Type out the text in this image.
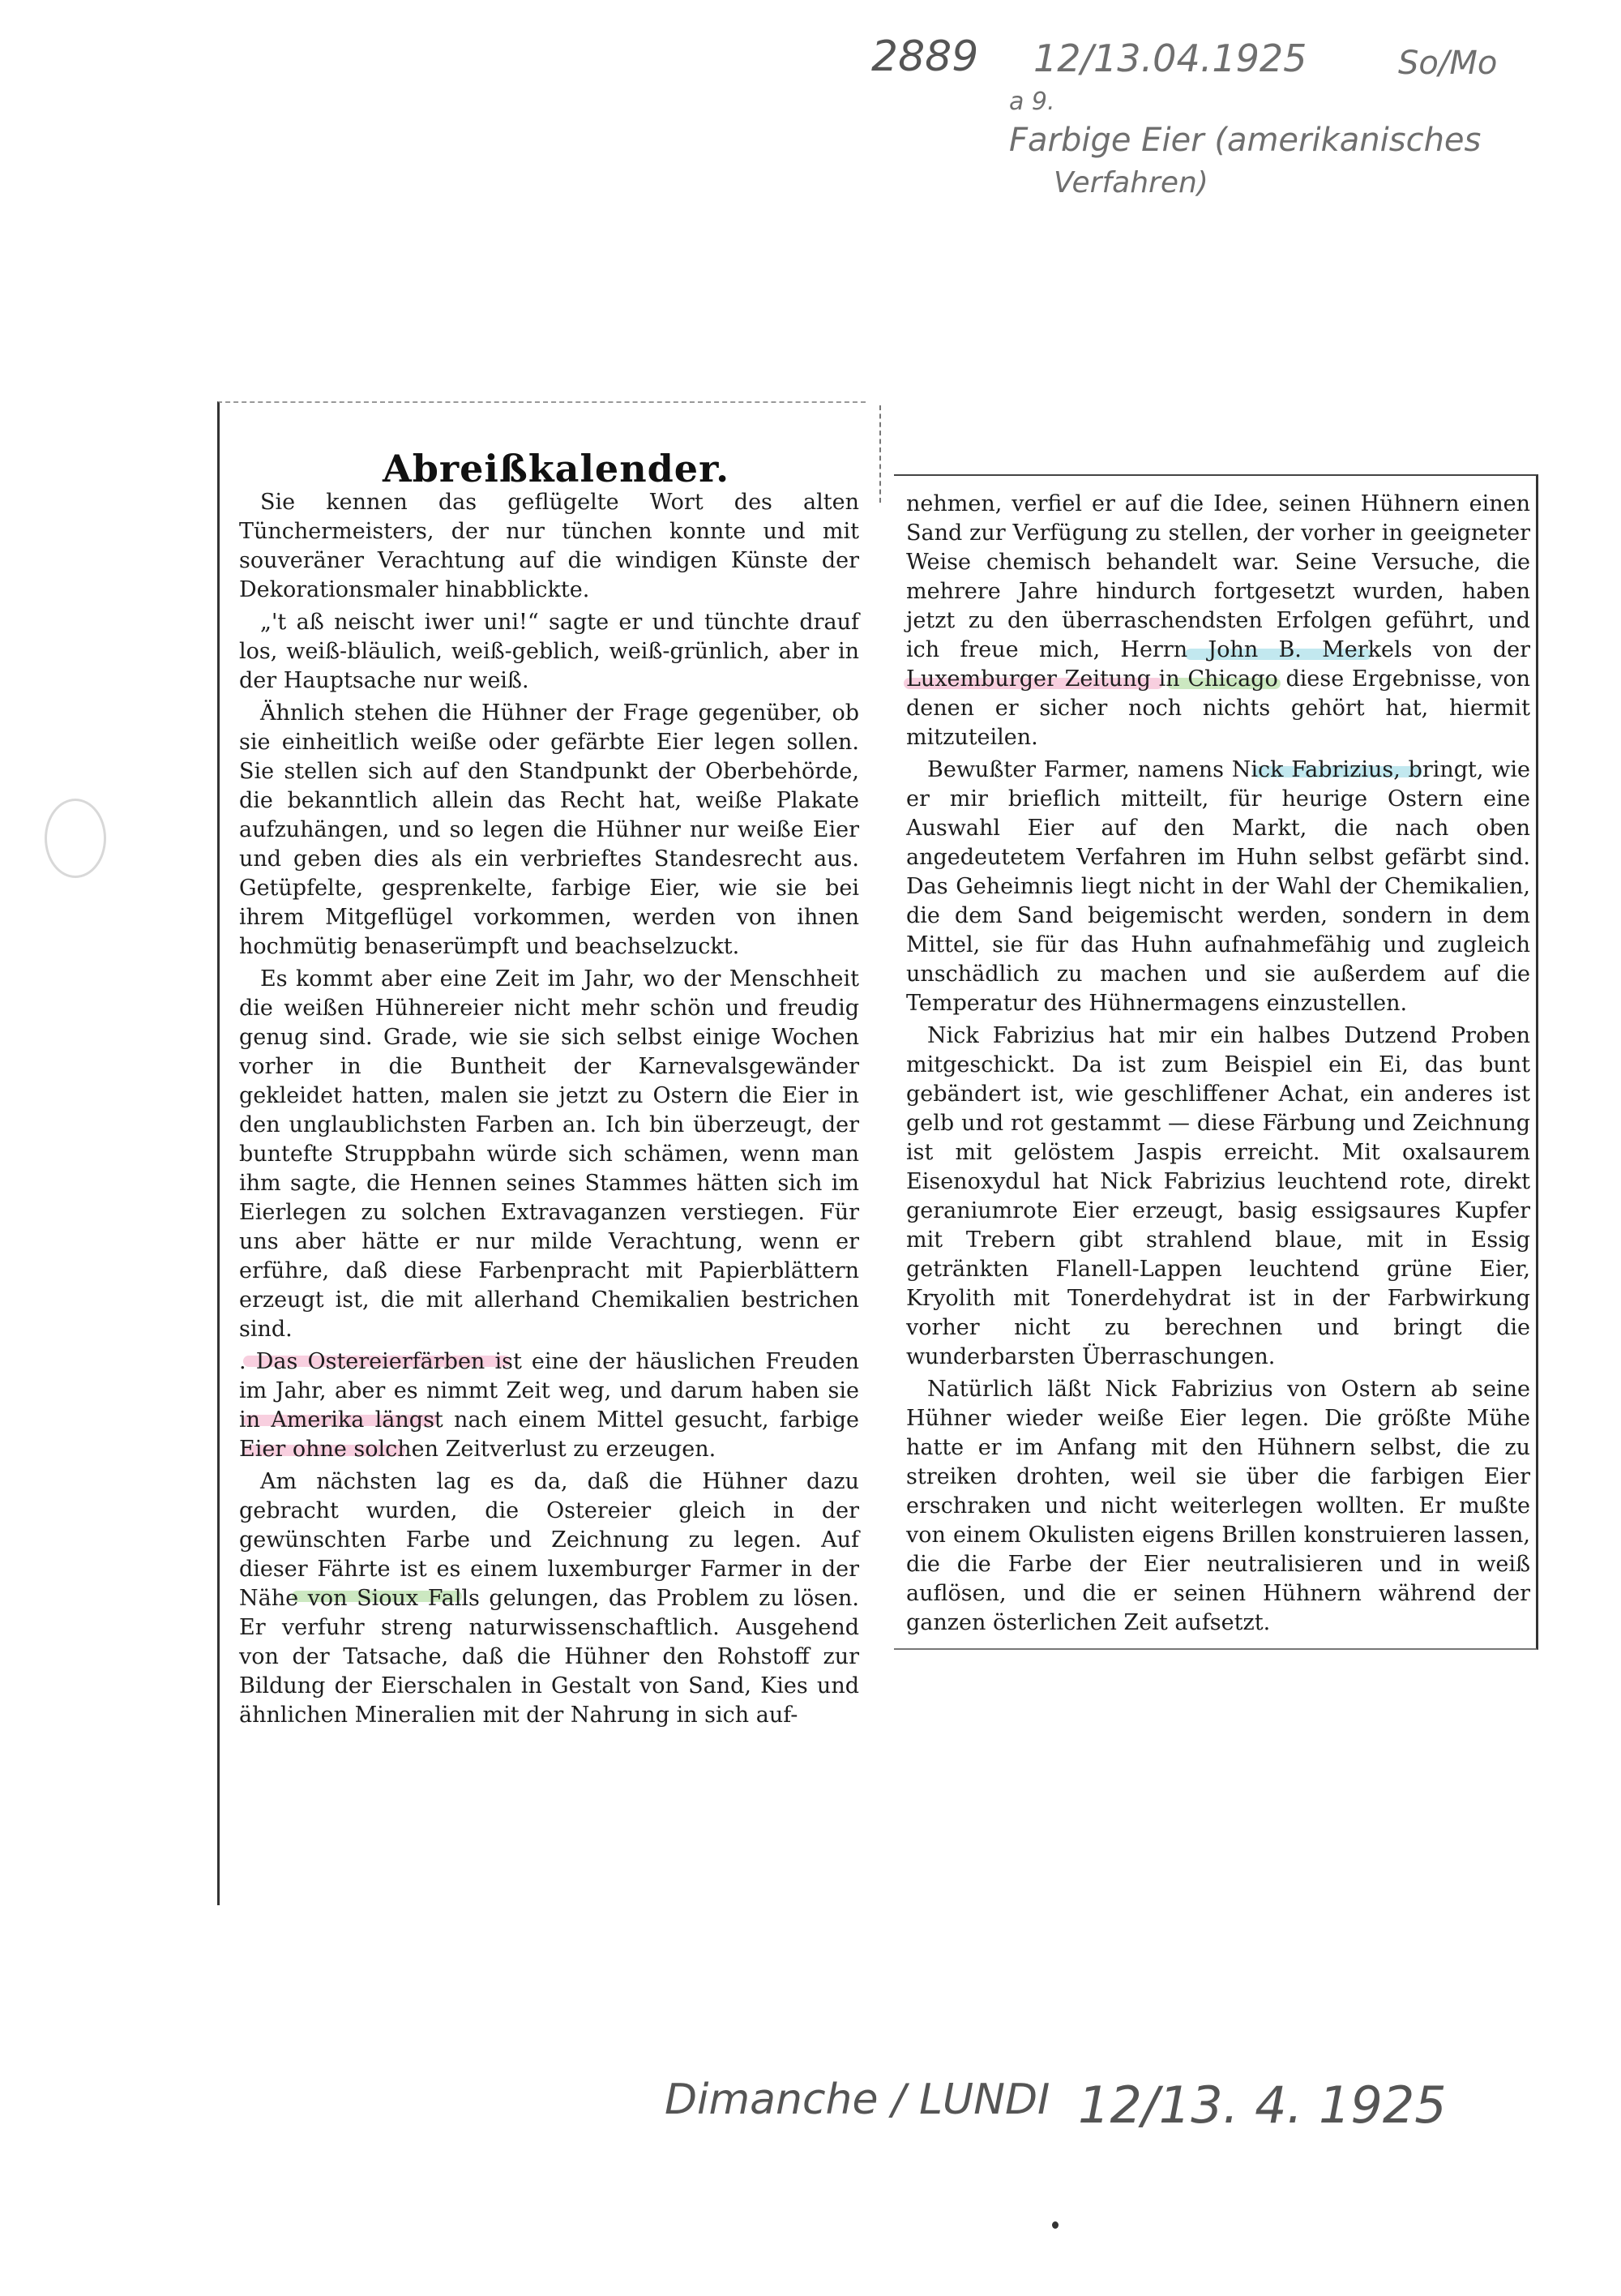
2889 12/13.04.1925	So/Mo
a 9.
Farbige Eier (amerikanisches
Verfahren)
Abreißkalender.

Sie kennen das geflügelte Wort des alten Tünchermeisters, der nur tünchen konnte und mit souveräner Verachtung auf die windigen Künste der Dekorationsmaler hinabblickte.

„'t aß neischt iwer uni!“ sagte er und tünchte drauf los, weiß-bläulich, weiß-geblich, weiß-grünlich, aber in der Hauptsache nur weiß.

Ähnlich stehen die Hühner der Frage gegenüber, ob sie einheitlich weiße oder gefärbte Eier legen sollen. Sie stellen sich auf den Standpunkt der Oberbehörde, die bekanntlich allein das Recht hat, weiße Plakate aufzuhängen, und so legen die Hühner nur weiße Eier und geben dies als ein verbrieftes Standesrecht aus. Getüpfelte, gesprenkelte, farbige Eier, wie sie bei ihrem Mitgeflügel vorkommen, werden von ihnen hochmütig benaserümpft und beachselzuckt.

Es kommt aber eine Zeit im Jahr, wo der Menschheit die weißen Hühnereier nicht mehr schön und freudig genug sind. Grade, wie sie sich selbst einige Wochen vorher in die Buntheit der Karnevalsgewänder gekleidet hatten, malen sie jetzt zu Ostern die Eier in den unglaublichsten Farben an. Ich bin überzeugt, der buntefte Struppbahn würde sich schämen, wenn man ihm sagte, die Hennen seines Stammes hätten sich im Eierlegen zu solchen Extravaganzen verstiegen. Für uns aber hätte er nur milde Verachtung, wenn er erführe, daß diese Farbenpracht mit Papierblättern erzeugt ist, die mit allerhand Chemikalien bestrichen sind.

. Das Ostereierfärben ist eine der häuslichen Freuden im Jahr, aber es nimmt Zeit weg, und darum haben sie in Amerika längst nach einem Mittel gesucht, farbige Eier ohne solchen Zeitverlust zu erzeugen.

Am nächsten lag es da, daß die Hühner dazu gebracht wurden, die Ostereier gleich in der gewünschten Farbe und Zeichnung zu legen. Auf dieser Fährte ist es einem luxemburger Farmer in der Nähe von Sioux Falls gelungen, das Problem zu lösen. Er verfuhr streng naturwissenschaftlich. Ausgehend von der Tatsache, daß die Hühner den Rohstoff zur Bildung der Eierschalen in Gestalt von Sand, Kies und ähnlichen Mineralien mit der Nahrung in sich auf-

nehmen, verfiel er auf die Idee, seinen Hühnern einen Sand zur Verfügung zu stellen, der vorher in geeigneter Weise chemisch behandelt war. Seine Versuche, die mehrere Jahre hindurch fortgesetzt wurden, haben jetzt zu den überraschendsten Erfolgen geführt, und ich freue mich, Herrn John B. Merkels von der Luxemburger Zeitung in Chicago diese Ergebnisse, von denen er sicher noch nichts gehört hat, hiermit mitzuteilen.

Bewußter Farmer, namens Nick Fabrizius, bringt, wie er mir brieflich mitteilt, für heurige Ostern eine Auswahl Eier auf den Markt, die nach oben angedeutetem Verfahren im Huhn selbst gefärbt sind. Das Geheimnis liegt nicht in der Wahl der Chemikalien, die dem Sand beigemischt werden, sondern in dem Mittel, sie für das Huhn aufnahmefähig und zugleich unschädlich zu machen und sie außerdem auf die Temperatur des Hühnermagens einzustellen.

Nick Fabrizius hat mir ein halbes Dutzend Proben mitgeschickt. Da ist zum Beispiel ein Ei, das bunt gebändert ist, wie geschliffener Achat, ein anderes ist gelb und rot gestammt — diese Färbung und Zeichnung ist mit gelöstem Jaspis erreicht. Mit oxalsaurem Eisenoxydul hat Nick Fabrizius leuchtend rote, direkt geraniumrote Eier erzeugt, basig essigsaures Kupfer mit Trebern gibt strahlend blaue, mit in Essig getränkten Flanell-Lappen leuchtend grüne Eier, Kryolith mit Tonerdehydrat ist in der Farbwirkung vorher nicht zu berechnen und bringt die wunderbarsten Überraschungen.

Natürlich läßt Nick Fabrizius von Ostern ab seine Hühner wieder weiße Eier legen. Die größte Mühe hatte er im Anfang mit den Hühnern selbst, die zu streiken drohten, weil sie über die farbigen Eier erschraken und nicht weiterlegen wollten. Er mußte von einem Okulisten eigens Brillen konstruieren lassen, die die Farbe der Eier neutralisieren und in weiß auflösen, und die er seinen Hühnern während der ganzen österlichen Zeit aufsetzt.

Dimanche / LUNDI 12/13. 4. 1925
